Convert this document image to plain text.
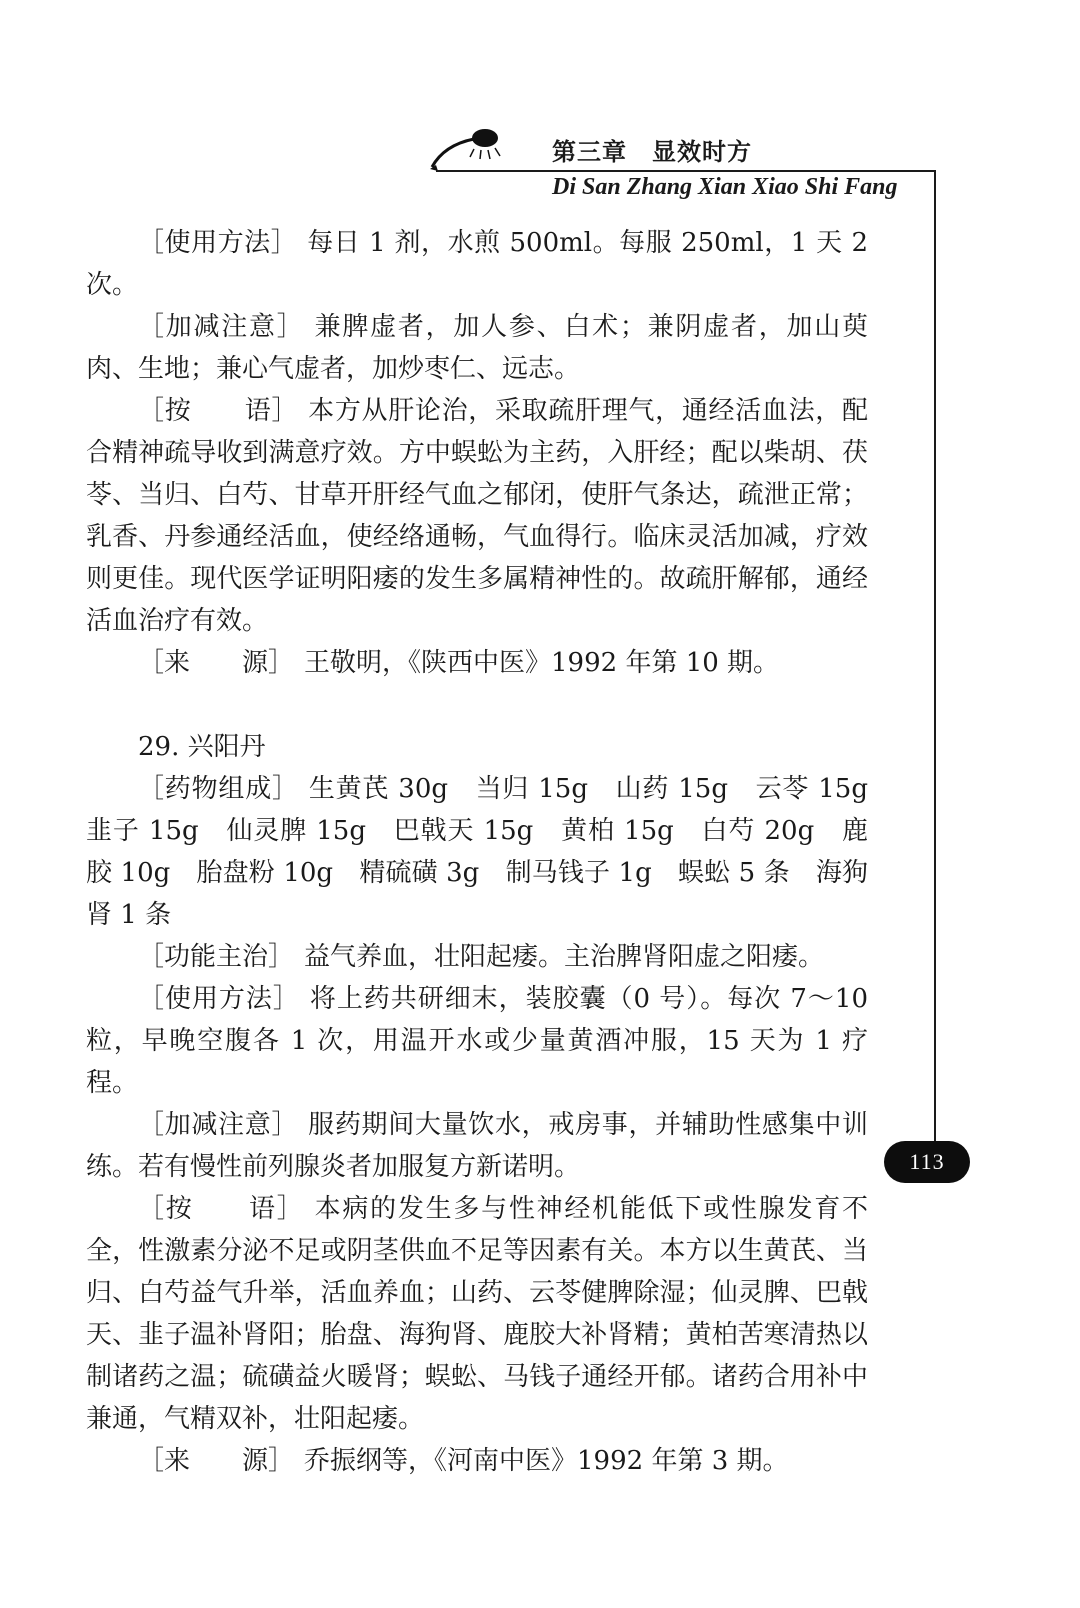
第三章　显效时方
Di San Zhang Xian Xiao Shi Fang
113

［使用方法］ 每日 1 剂，水煎 500ml。每服 250ml，1 天 2 次。

［加减注意］ 兼脾虚者，加人参、白术；兼阴虚者，加山萸肉、生地；兼心气虚者，加炒枣仁、远志。

［按　　语］ 本方从肝论治，采取疏肝理气，通经活血法，配合精神疏导收到满意疗效。方中蜈蚣为主药，入肝经；配以柴胡、茯苓、当归、白芍、甘草开肝经气血之郁闭，使肝气条达，疏泄正常；乳香、丹参通经活血，使经络通畅，气血得行。临床灵活加减，疗效则更佳。现代医学证明阳痿的发生多属精神性的。故疏肝解郁，通经活血治疗有效。

［来　　源］ 王敬明，《陕西中医》1992 年第 10 期。

29. 兴阳丹

［药物组成］ 生黄芪 30g　当归 15g　山药 15g　云苓 15g　韭子 15g　仙灵脾 15g　巴戟天 15g　黄柏 15g　白芍 20g　鹿胶 10g　胎盘粉 10g　精硫磺 3g　制马钱子 1g　蜈蚣 5 条　海狗肾 1 条

［功能主治］ 益气养血，壮阳起痿。主治脾肾阳虚之阳痿。

［使用方法］ 将上药共研细末，装胶囊（0 号）。每次 7～10 粒，早晚空腹各 1 次，用温开水或少量黄酒冲服，15 天为 1 疗程。

［加减注意］ 服药期间大量饮水，戒房事，并辅助性感集中训练。若有慢性前列腺炎者加服复方新诺明。

［按　　语］ 本病的发生多与性神经机能低下或性腺发育不全，性激素分泌不足或阴茎供血不足等因素有关。本方以生黄芪、当归、白芍益气升举，活血养血；山药、云苓健脾除湿；仙灵脾、巴戟天、韭子温补肾阳；胎盘、海狗肾、鹿胶大补肾精；黄柏苦寒清热以制诸药之温；硫磺益火暖肾；蜈蚣、马钱子通经开郁。诸药合用补中兼通，气精双补，壮阳起痿。

［来　　源］ 乔振纲等，《河南中医》1992 年第 3 期。
